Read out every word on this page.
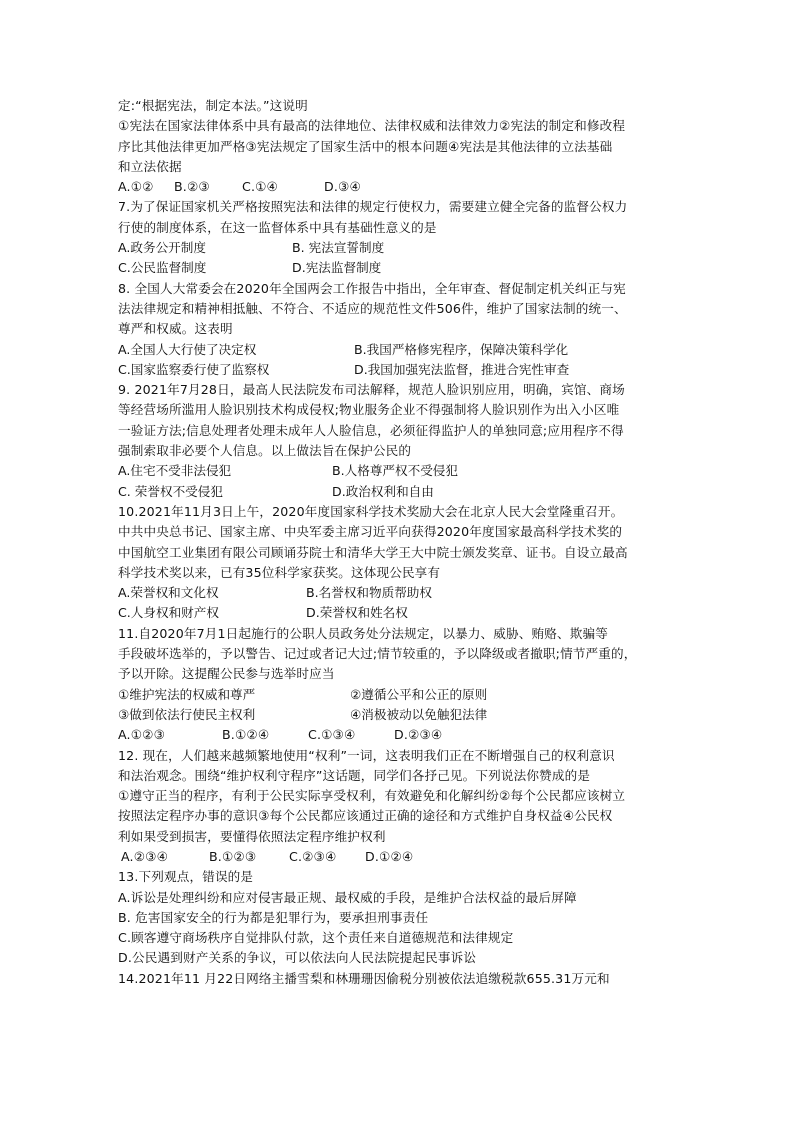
定:“根据宪法，制定本法。”这说明
①宪法在国家法律体系中具有最高的法律地位、法律权威和法律效力②宪法的制定和修改程
序比其他法律更加严格③宪法规定了国家生活中的根本问题④宪法是其他法律的立法基础
和立法依据
A.①② B.②③	C.①④	D.③④
7.为了保证国家机关严格按照宪法和法律的规定行使权力，需要建立健全完备的监督公权力
行使的制度体系，在这一监督体系中具有基础性意义的是
A.政务公开制度	B. 宪法宣誓制度
C.公民监督制度	D.宪法监督制度
8. 全国人大常委会在2020年全国两会工作报告中指出，全年审查、督促制定机关纠正与宪
法法律规定和精神相抵触、不符合、不适应的规范性文件506件，维护了国家法制的统一、
尊严和权威。这表明
A.全国人大行使了决定权	B.我国严格修宪程序，保障决策科学化
C.国家监察委行使了监察权	D.我国加强宪法监督，推进合宪性审查
9. 2021年7月28日，最高人民法院发布司法解释，规范人脸识别应用，明确，宾馆、商场
等经营场所滥用人脸识别技术构成侵权;物业服务企业不得强制将人脸识别作为出入小区唯
一验证方法;信息处理者处理未成年人人脸信息，必须征得监护人的单独同意;应用程序不得
强制索取非必要个人信息。以上做法旨在保护公民的
A.住宅不受非法侵犯	B.人格尊严权不受侵犯
C. 荣誉权不受侵犯	D.政治权利和自由
10.2021年11月3日上午，2020年度国家科学技术奖励大会在北京人民大会堂隆重召开。
中共中央总书记、国家主席、中央军委主席习近平向获得2020年度国家最高科学技术奖的
中国航空工业集团有限公司顾诵芬院士和清华大学王大中院士颁发奖章、证书。自设立最高
科学技术奖以来，已有35位科学家获奖。这体现公民享有
A.荣誉权和文化权	B.名誉权和物质帮助权
C.人身权和财产权	D.荣誉权和姓名权
11.自2020年7月1日起施行的公职人员政务处分法规定，以暴力、威胁、贿赂、欺骗等
手段破坏选举的，予以警告、记过或者记大过;情节较重的，予以降级或者撤职;情节严重的，
予以开除。这提醒公民参与选举时应当
①维护宪法的权威和尊严	②遵循公平和公正的原则
③做到依法行使民主权利	④消极被动以免触犯法律
A.①②③	B.①②④	C.①③④	D.②③④
12. 现在，人们越来越频繁地使用“权利”一词，这表明我们正在不断增强自己的权利意识
和法治观念。围绕“维护权利守程序”这话题，同学们各抒己见。下列说法你赞成的是
①遵守正当的程序，有利于公民实际享受权利，有效避免和化解纠纷②每个公民都应该树立
按照法定程序办事的意识③每个公民都应该通过正确的途径和方式维护自身权益④公民权
利如果受到损害，要懂得依照法定程序维护权利
A.②③④	B.①②③	C.②③④ D.①②④
13.下列观点，错误的是
A.诉讼是处理纠纷和应对侵害最正规、最权威的手段，是维护合法权益的最后屏障
B. 危害国家安全的行为都是犯罪行为，要承担刑事责任
C.顾客遵守商场秩序自觉排队付款，这个责任来自道德规范和法律规定
D.公民遇到财产关系的争议，可以依法向人民法院提起民事诉讼
14.2021年11 月22日网络主播雪梨和林珊珊因偷税分别被依法追缴税款655.31万元和
